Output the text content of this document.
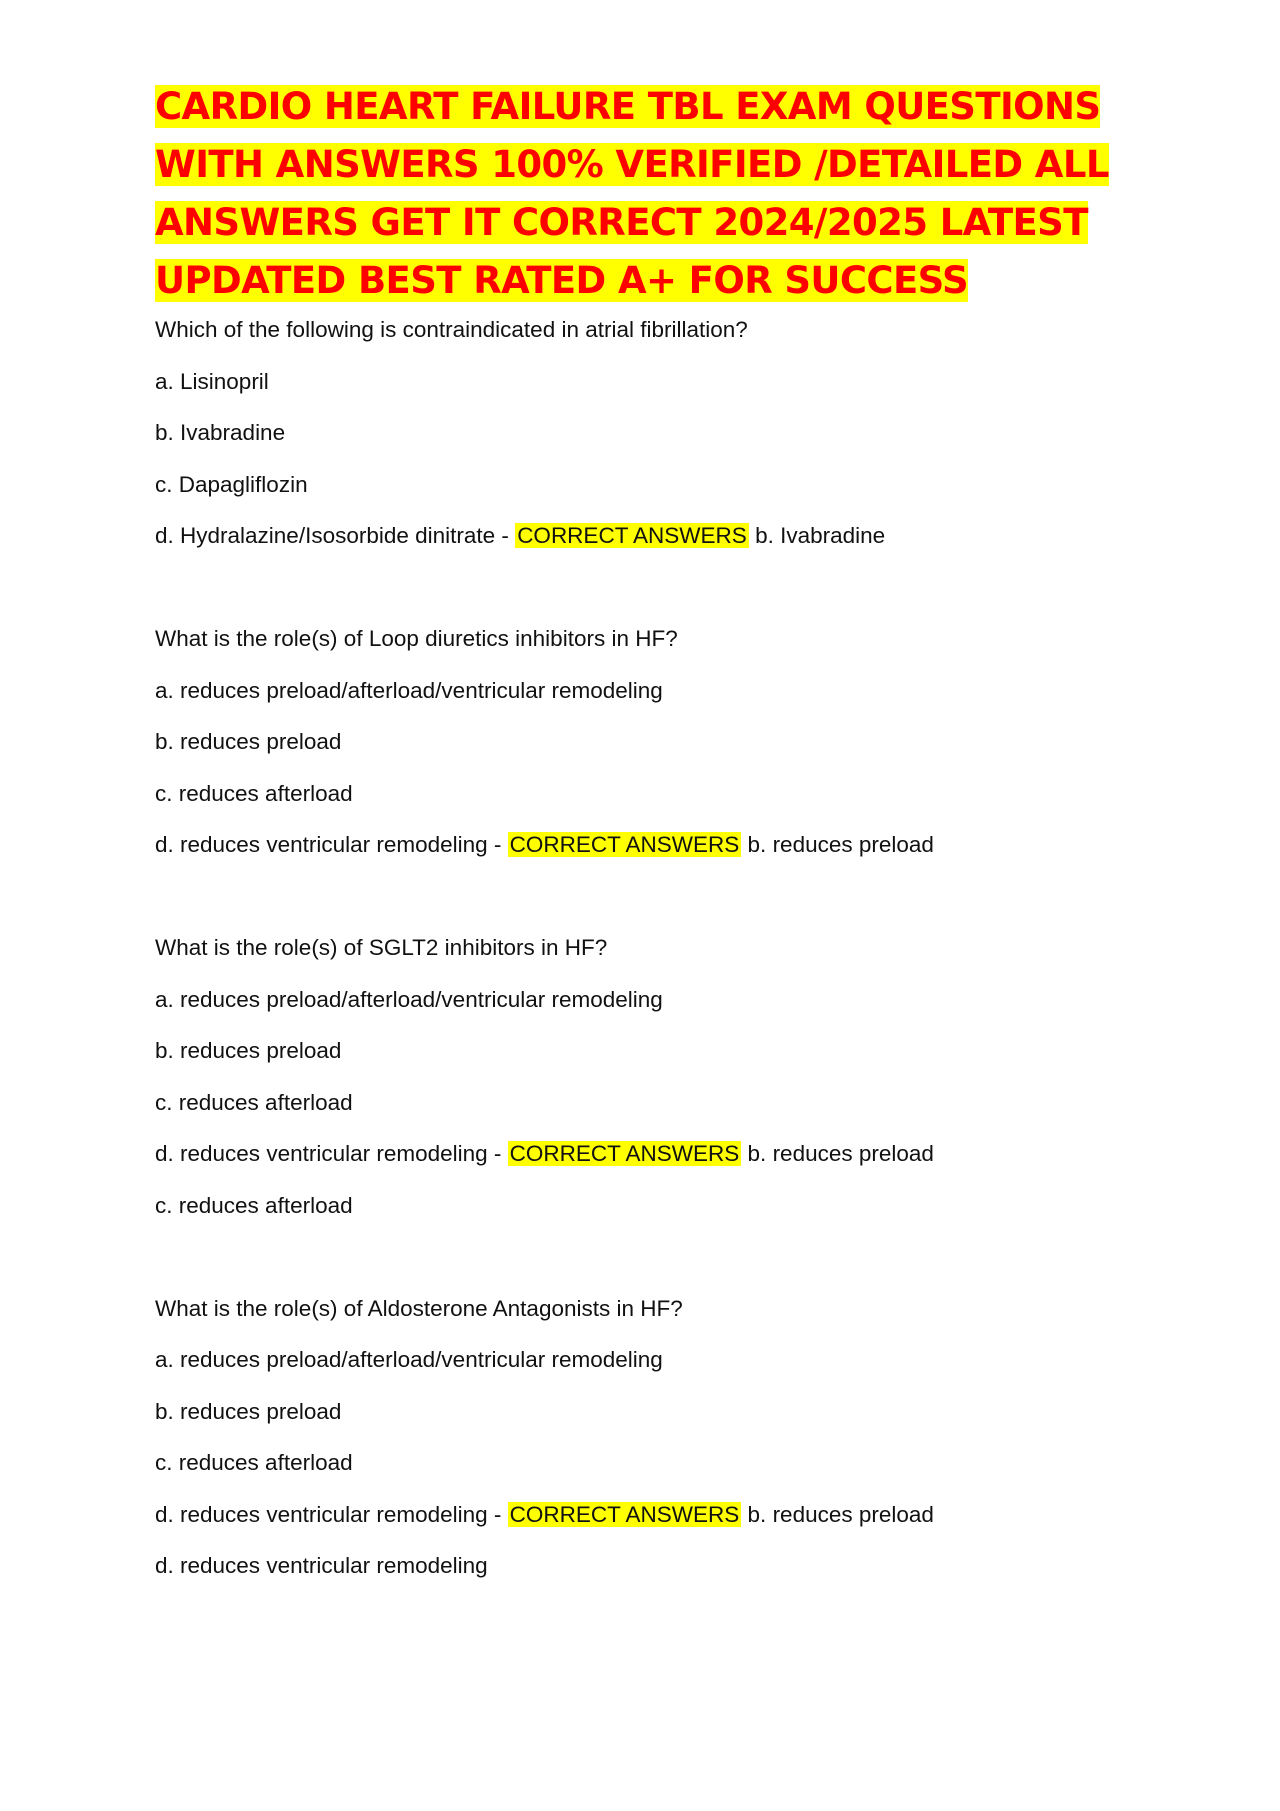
CARDIO HEART FAILURE TBL EXAM QUESTIONS
WITH ANSWERS 100% VERIFIED /DETAILED ALL
ANSWERS GET IT CORRECT 2024/2025 LATEST
UPDATED BEST RATED A+ FOR SUCCESS
Which of the following is contraindicated in atrial fibrillation?
a. Lisinopril
b. Ivabradine
c. Dapagliflozin
d. Hydralazine/Isosorbide dinitrate - CORRECT ANSWERS b. Ivabradine
What is the role(s) of Loop diuretics inhibitors in HF?
a. reduces preload/afterload/ventricular remodeling
b. reduces preload
c. reduces afterload
d. reduces ventricular remodeling - CORRECT ANSWERS b. reduces preload
What is the role(s) of SGLT2 inhibitors in HF?
a. reduces preload/afterload/ventricular remodeling
b. reduces preload
c. reduces afterload
d. reduces ventricular remodeling - CORRECT ANSWERS b. reduces preload
c. reduces afterload
What is the role(s) of Aldosterone Antagonists in HF?
a. reduces preload/afterload/ventricular remodeling
b. reduces preload
c. reduces afterload
d. reduces ventricular remodeling - CORRECT ANSWERS b. reduces preload
d. reduces ventricular remodeling
